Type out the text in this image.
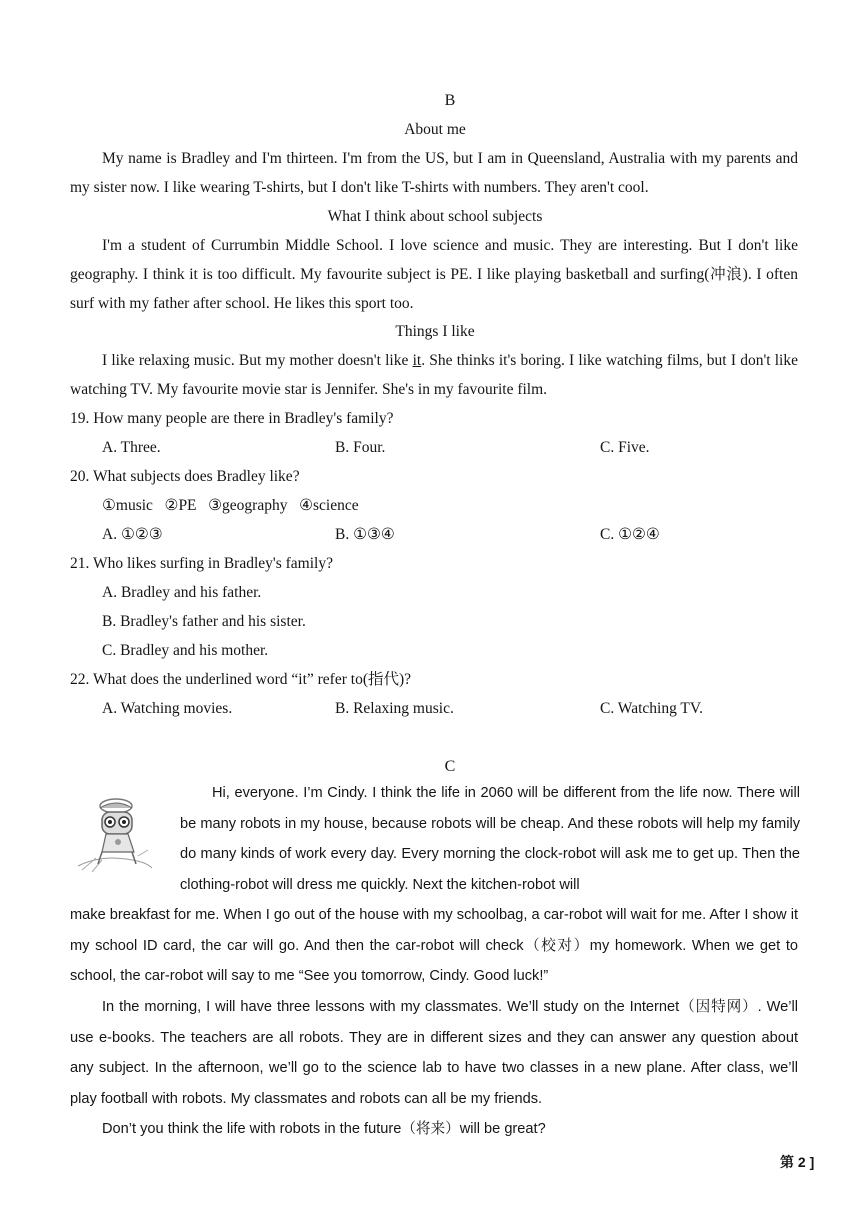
B
About me

My name is Bradley and I'm thirteen. I'm from the US, but I am in Queensland, Australia with my parents and my sister now. I like wearing T-shirts, but I don't like T-shirts with numbers. They aren't cool.

What I think about school subjects

I'm a student of Currumbin Middle School. I love science and music. They are interesting. But I don't like geography. I think it is too difficult. My favourite subject is PE. I like playing basketball and surfing(冲浪). I often surf with my father after school. He likes this sport too.

Things I like

I like relaxing music. But my mother doesn't like it. She thinks it's boring. I like watching films, but I don't like watching TV. My favourite movie star is Jennifer. She's in my favourite film.

19. How many people are there in Bradley's family?
A. Three.	B. Four.	C. Five.
20. What subjects does Bradley like?
①music   ②PE   ③geography   ④science
A. ①②③	B. ①③④	C. ①②④
21. Who likes surfing in Bradley's family?
A. Bradley and his father.
B. Bradley's father and his sister.
C. Bradley and his mother.
22. What does the underlined word “it” refer to(指代)?
A. Watching movies.	B. Relaxing music.	C. Watching TV.
C

Hi, everyone. I’m Cindy. I think the life in 2060 will be different from the life now. There will be many robots in my house, because robots will be cheap. And these robots will help my family do many kinds of work every day. Every morning the clock-robot will ask me to get up. Then the clothing-robot will dress me quickly. Next the kitchen-robot will

make breakfast for me. When I go out of the house with my schoolbag, a car-robot will wait for me. After I show it my school ID card, the car will go. And then the car-robot will check（校对）my homework. When we get to school, the car-robot will say to me “See you tomorrow, Cindy. Good luck!”

In the morning, I will have three lessons with my classmates. We’ll study on the Internet（因特网）. We’ll use e-books. The teachers are all robots. They are in different sizes and they can answer any question about any subject. In the afternoon, we’ll go to the science lab to have two classes in a new plane. After class, we’ll play football with robots. My classmates and robots can all be my friends.

Don’t you think the life with robots in the future（将来）will be great?

第 2 ]
